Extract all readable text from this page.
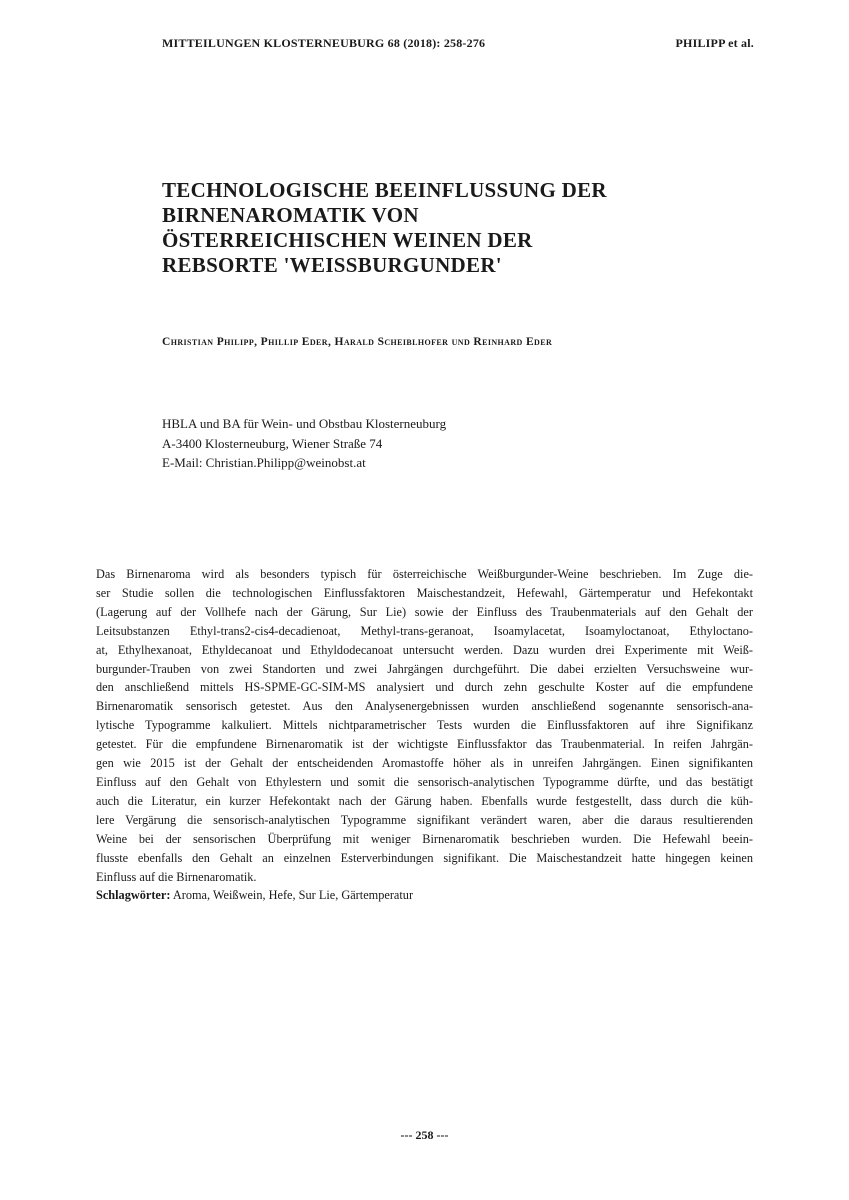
MITTEILUNGEN KLOSTERNEUBURG 68 (2018): 258-276	PHILIPP et al.
TECHNOLOGISCHE BEEINFLUSSUNG DER
BIRNENAROMATIK VON
ÖSTERREICHISCHEN WEINEN DER
REBSORTE 'WEISSBURGUNDER'
Christian Philipp, Phillip Eder, Harald Scheiblhofer und Reinhard Eder
HBLA und BA für Wein- und Obstbau Klosterneuburg
A-3400 Klosterneuburg, Wiener Straße 74
E-Mail: Christian.Philipp@weinobst.at
Das Birnenaroma wird als besonders typisch für österreichische Weißburgunder-Weine beschrieben. Im Zuge die-
ser Studie sollen die technologischen Einflussfaktoren Maischestandzeit, Hefewahl, Gärtemperatur und Hefekontakt
(Lagerung auf der Vollhefe nach der Gärung, Sur Lie) sowie der Einfluss des Traubenmaterials auf den Gehalt der
Leitsubstanzen Ethyl-trans2-cis4-decadienoat, Methyl-trans-geranoat, Isoamylacetat, Isoamyloctanoat, Ethyloctano-
at, Ethylhexanoat, Ethyldecanoat und Ethyldodecanoat untersucht werden. Dazu wurden drei Experimente mit Weiß-
burgunder-Trauben von zwei Standorten und zwei Jahrgängen durchgeführt. Die dabei erzielten Versuchsweine wur-
den anschließend mittels HS-SPME-GC-SIM-MS analysiert und durch zehn geschulte Koster auf die empfundene
Birnenaromatik sensorisch getestet. Aus den Analysenergebnissen wurden anschließend sogenannte sensorisch-ana-
lytische Typogramme kalkuliert. Mittels nichtparametrischer Tests wurden die Einflussfaktoren auf ihre Signifikanz
getestet. Für die empfundene Birnenaromatik ist der wichtigste Einflussfaktor das Traubenmaterial. In reifen Jahrgän-
gen wie 2015 ist der Gehalt der entscheidenden Aromastoffe höher als in unreifen Jahrgängen. Einen signifikanten
Einfluss auf den Gehalt von Ethylestern und somit die sensorisch-analytischen Typogramme dürfte, und das bestätigt
auch die Literatur, ein kurzer Hefekontakt nach der Gärung haben. Ebenfalls wurde festgestellt, dass durch die küh-
lere Vergärung die sensorisch-analytischen Typogramme signifikant verändert waren, aber die daraus resultierenden
Weine bei der sensorischen Überprüfung mit weniger Birnenaromatik beschrieben wurden. Die Hefewahl beein-
flusste ebenfalls den Gehalt an einzelnen Esterverbindungen signifikant. Die Maischestandzeit hatte hingegen keinen
Einfluss auf die Birnenaromatik.
Schlagwörter: Aroma, Weißwein, Hefe, Sur Lie, Gärtemperatur
--- 258 ---
